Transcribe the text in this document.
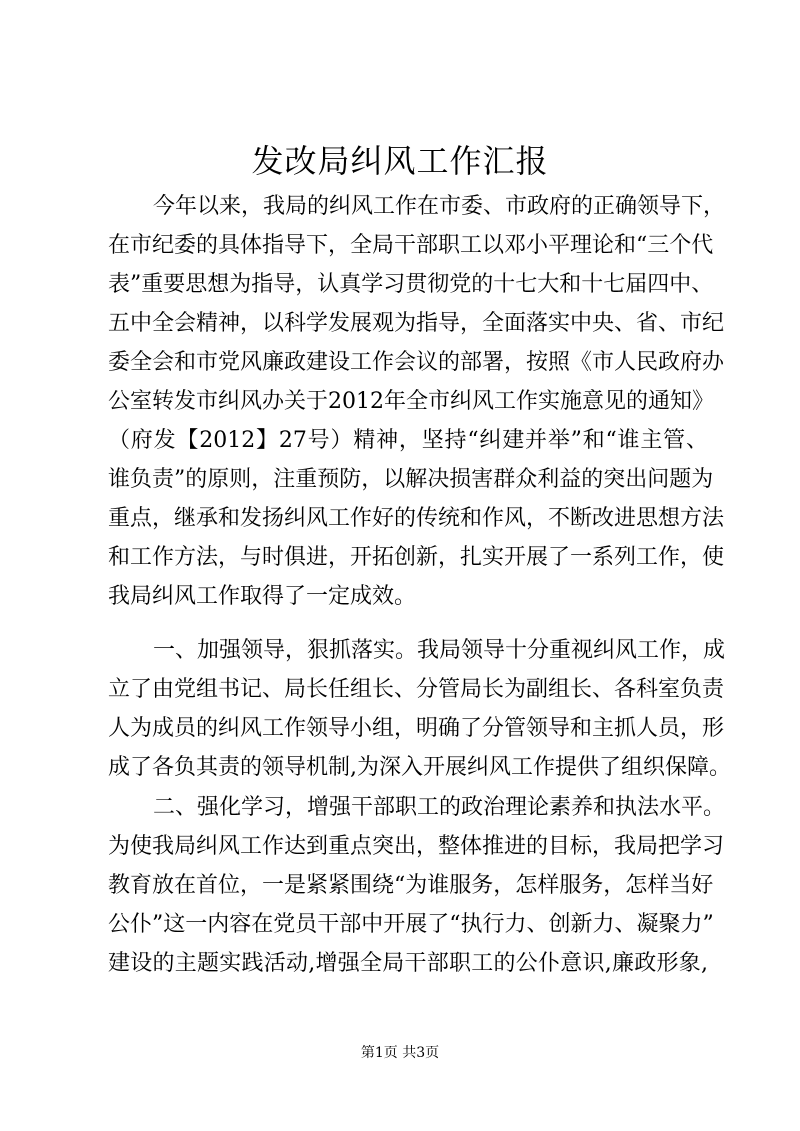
发改局纠风工作汇报
今年以来，我局的纠风工作在市委、市政府的正确领导下，
在市纪委的具体指导下，全局干部职工以邓小平理论和“三个代
表”重要思想为指导，认真学习贯彻党的十七大和十七届四中、
五中全会精神，以科学发展观为指导，全面落实中央、省、市纪
委全会和市党风廉政建设工作会议的部署，按照《市人民政府办
公室转发市纠风办关于2012年全市纠风工作实施意见的通知》
（府发【2012】27号）精神，坚持“纠建并举”和“谁主管、
谁负责”的原则，注重预防，以解决损害群众利益的突出问题为
重点，继承和发扬纠风工作好的传统和作风，不断改进思想方法
和工作方法，与时俱进，开拓创新，扎实开展了一系列工作，使
我局纠风工作取得了一定成效。
一、加强领导，狠抓落实。我局领导十分重视纠风工作，成
立了由党组书记、局长任组长、分管局长为副组长、各科室负责
人为成员的纠风工作领导小组，明确了分管领导和主抓人员，形
成了各负其责的领导机制,为深入开展纠风工作提供了组织保障。
二、强化学习，增强干部职工的政治理论素养和执法水平。
为使我局纠风工作达到重点突出，整体推进的目标，我局把学习
教育放在首位，一是紧紧围绕“为谁服务，怎样服务，怎样当好
公仆”这一内容在党员干部中开展了“执行力、创新力、凝聚力”
建设的主题实践活动,增强全局干部职工的公仆意识,廉政形象,
第1页 共3页
